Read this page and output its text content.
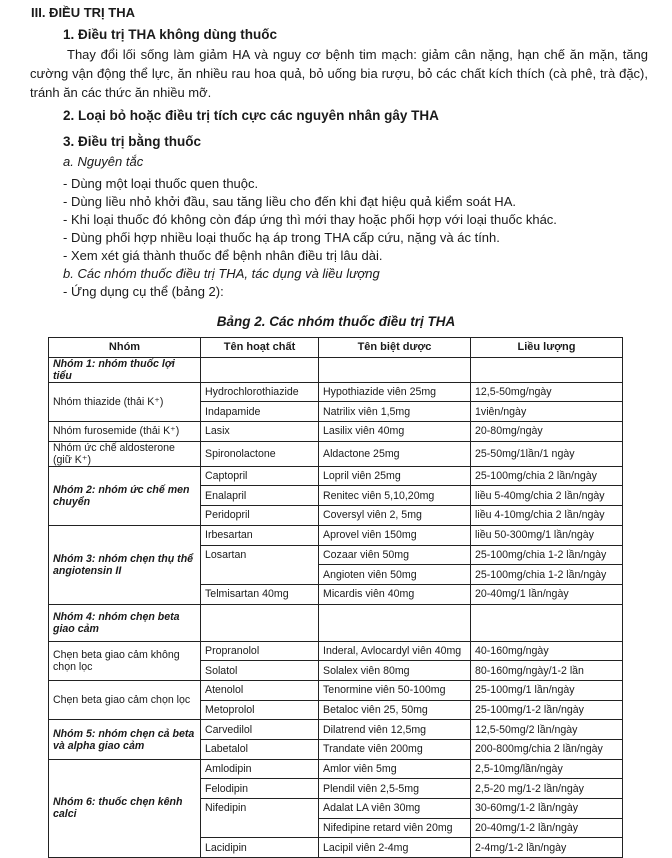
III. ĐIỀU TRỊ THA
1. Điều trị THA không dùng thuốc
Thay đổi lối sống làm giảm HA và nguy cơ bệnh tim mạch: giảm cân nặng, hạn chế ăn mặn, tăng cường vận động thể lực, ăn nhiều rau hoa quả, bỏ uống bia rượu, bỏ các chất kích thích (cà phê, trà đặc), tránh ăn các thức ăn nhiều mỡ.
2. Loại bỏ hoặc điều trị tích cực các nguyên nhân gây THA
3. Điều trị bằng thuốc
a. Nguyên tắc
- Dùng một loại thuốc quen thuộc.
- Dùng liều nhỏ khởi đầu, sau tăng liều cho đến khi đạt hiệu quả kiểm soát HA.
- Khi loại thuốc đó không còn đáp ứng thì mới thay hoặc phối hợp với loại thuốc khác.
- Dùng phối hợp nhiều loại thuốc hạ áp trong THA cấp cứu, nặng và ác tính.
- Xem xét giá thành thuốc để bệnh nhân điều trị lâu dài.
b. Các nhóm thuốc điều trị THA, tác dụng và liều lượng
- Ứng dụng cụ thể (bảng 2):
Bảng 2. Các nhóm thuốc điều trị THA
Nhóm	Tên hoạt chất	Tên biệt dược	Liều lượng
Nhóm 1: nhóm thuốc lợi tiểu			
Nhóm thiazide (thải K⁺)	Hydrochlorothiazide	Hypothiazide viên 25mg	12,5-50mg/ngày
	Indapamide	Natrilix viên 1,5mg	1viên/ngày
Nhóm furosemide (thải K⁺)	Lasix	Lasilix viên 40mg	20-80mg/ngày
Nhóm ức chế aldosterone (giữ K⁺)	Spironolactone	Aldactone 25mg	25-50mg/1lần/1 ngày
Nhóm 2: nhóm ức chế men chuyển	Captopril	Lopril viên 25mg	25-100mg/chia 2 lần/ngày
	Enalapril	Renitec viên 5,10,20mg	liều 5-40mg/chia 2 lần/ngày
	Peridopril	Coversyl viên 2, 5mg	liều 4-10mg/chia 2 lần/ngày
Nhóm 3: nhóm chẹn thụ thể angiotensin II	Irbesartan	Aprovel viên 150mg	liều 50-300mg/1 lần/ngày
	Losartan	Cozaar viên 50mg	25-100mg/chia 1-2 lần/ngày
		Angioten viên 50mg	25-100mg/chia 1-2 lần/ngày
	Telmisartan 40mg	Micardis viên 40mg	20-40mg/1 lần/ngày
Nhóm 4: nhóm chẹn beta giao cảm			
Chẹn beta giao cảm không chọn lọc	Propranolol	Inderal, Avlocardyl viên 40mg	40-160mg/ngày
	Solatol	Solalex viên 80mg	80-160mg/ngày/1-2 lần
Chẹn beta giao cảm chọn lọc	Atenolol	Tenormine viên 50-100mg	25-100mg/1 lần/ngày
	Metoprolol	Betaloc viên 25, 50mg	25-100mg/1-2 lần/ngày
Nhóm 5: nhóm chẹn cả beta và alpha giao cảm	Carvedilol	Dilatrend viên 12,5mg	12,5-50mg/2 lần/ngày
	Labetalol	Trandate viên 200mg	200-800mg/chia 2 lần/ngày
Nhóm 6: thuốc chẹn kênh calci	Amlodipin	Amlor viên 5mg	2,5-10mg/lần/ngày
	Felodipin	Plendil viên 2,5-5mg	2,5-20 mg/1-2 lần/ngày
	Nifedipin	Adalat LA viên 30mg	30-60mg/1-2 lần/ngày
		Nifedipine retard viên 20mg	20-40mg/1-2 lần/ngày
	Lacidipin	Lacipil viên 2-4mg	2-4mg/1-2 lần/ngày
